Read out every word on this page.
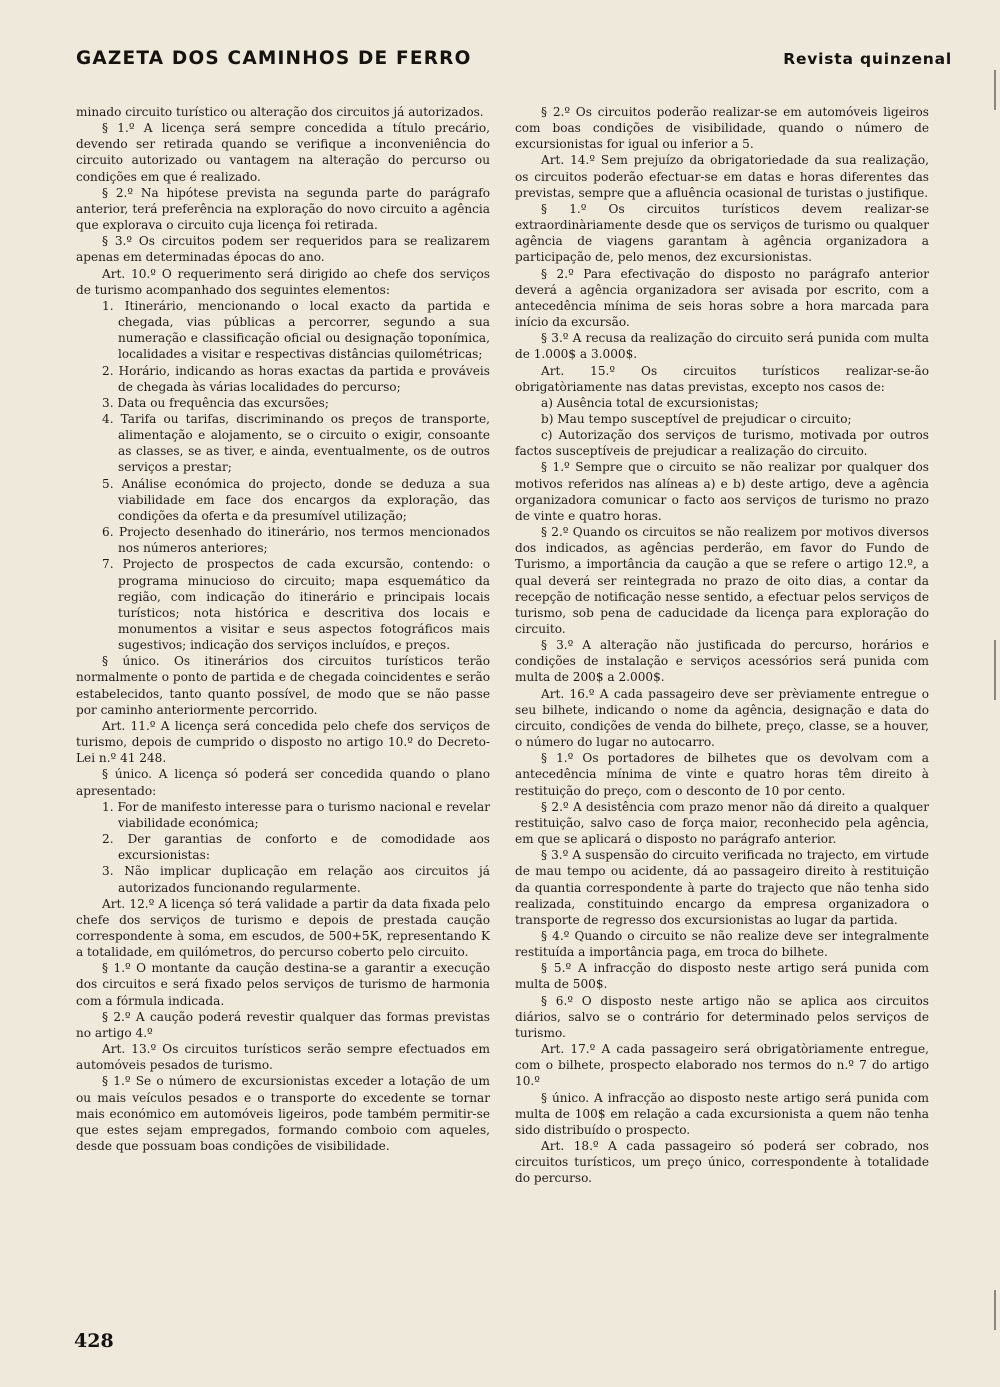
GAZETA DOS CAMINHOS DE FERRO	Revista quinzenal

minado circuito turístico ou alteração dos circuitos já autorizados.

§ 1.º A licença será sempre concedida a título precário, devendo ser retirada quando se verifique a inconveniência do circuito autorizado ou vantagem na alteração do percurso ou condições em que é realizado.

§ 2.º Na hipótese prevista na segunda parte do parágrafo anterior, terá preferência na exploração do novo circuito a agência que explorava o circuito cuja licença foi retirada.

§ 3.º Os circuitos podem ser requeridos para se realizarem apenas em determinadas épocas do ano.

Art. 10.º O requerimento será dirigido ao chefe dos serviços de turismo acompanhado dos seguintes elementos:

1. Itinerário, mencionando o local exacto da partida e chegada, vias públicas a percorrer, segundo a sua numeração e classificação oficial ou designação toponímica, localidades a visitar e respectivas distâncias quilométricas;

2. Horário, indicando as horas exactas da partida e prováveis de chegada às várias localidades do percurso;

3. Data ou frequência das excursões;

4. Tarifa ou tarifas, discriminando os preços de transporte, alimentação e alojamento, se o circuito o exigir, consoante as classes, se as tiver, e ainda, eventualmente, os de outros serviços a prestar;

5. Análise económica do projecto, donde se deduza a sua viabilidade em face dos encargos da exploração, das condições da oferta e da presumível utilização;

6. Projecto desenhado do itinerário, nos termos mencionados nos números anteriores;

7. Projecto de prospectos de cada excursão, contendo: o programa minucioso do circuito; mapa esquemático da região, com indicação do itinerário e principais locais turísticos; nota histórica e descritiva dos locais e monumentos a visitar e seus aspectos fotográficos mais sugestivos; indicação dos serviços incluídos, e preços.

§ único. Os itinerários dos circuitos turísticos terão normalmente o ponto de partida e de chegada coincidentes e serão estabelecidos, tanto quanto possível, de modo que se não passe por caminho anteriormente percorrido.

Art. 11.º A licença será concedida pelo chefe dos serviços de turismo, depois de cumprido o disposto no artigo 10.º do Decreto-Lei n.º 41 248.

§ único. A licença só poderá ser concedida quando o plano apresentado:

1. For de manifesto interesse para o turismo nacional e revelar viabilidade económica;

2. Der garantias de conforto e de comodidade aos excursionistas:

3. Não implicar duplicação em relação aos circuitos já autorizados funcionando regularmente.

Art. 12.º A licença só terá validade a partir da data fixada pelo chefe dos serviços de turismo e depois de prestada caução correspondente à soma, em escudos, de 500+5K, representando K a totalidade, em quilómetros, do percurso coberto pelo circuito.

§ 1.º O montante da caução destina-se a garantir a execução dos circuitos e será fixado pelos serviços de turismo de harmonia com a fórmula indicada.

§ 2.º A caução poderá revestir qualquer das formas previstas no artigo 4.º

Art. 13.º Os circuitos turísticos serão sempre efectuados em automóveis pesados de turismo.

§ 1.º Se o número de excursionistas exceder a lotação de um ou mais veículos pesados e o transporte do excedente se tornar mais económico em automóveis ligeiros, pode também permitir-se que estes sejam empregados, formando comboio com aqueles, desde que possuam boas condições de visibilidade.

§ 2.º Os circuitos poderão realizar-se em automóveis ligeiros com boas condições de visibilidade, quando o número de excursionistas for igual ou inferior a 5.

Art. 14.º Sem prejuízo da obrigatoriedade da sua realização, os circuitos poderão efectuar-se em datas e horas diferentes das previstas, sempre que a afluência ocasional de turistas o justifique.

§ 1.º Os circuitos turísticos devem realizar-se extraordinàriamente desde que os serviços de turismo ou qualquer agência de viagens garantam à agência organizadora a participação de, pelo menos, dez excursionistas.

§ 2.º Para efectivação do disposto no parágrafo anterior deverá a agência organizadora ser avisada por escrito, com a antecedência mínima de seis horas sobre a hora marcada para início da excursão.

§ 3.º A recusa da realização do circuito será punida com multa de 1.000$ a 3.000$.

Art. 15.º Os circuitos turísticos realizar-se-ão obrigatòriamente nas datas previstas, excepto nos casos de:

a) Ausência total de excursionistas;

b) Mau tempo susceptível de prejudicar o circuito;

c) Autorização dos serviços de turismo, motivada por outros factos susceptíveis de prejudicar a realização do circuito.

§ 1.º Sempre que o circuito se não realizar por qualquer dos motivos referidos nas alíneas a) e b) deste artigo, deve a agência organizadora comunicar o facto aos serviços de turismo no prazo de vinte e quatro horas.

§ 2.º Quando os circuitos se não realizem por motivos diversos dos indicados, as agências perderão, em favor do Fundo de Turismo, a importância da caução a que se refere o artigo 12.º, a qual deverá ser reintegrada no prazo de oito dias, a contar da recepção de notificação nesse sentido, a efectuar pelos serviços de turismo, sob pena de caducidade da licença para exploração do circuito.

§ 3.º A alteração não justificada do percurso, horários e condições de instalação e serviços acessórios será punida com multa de 200$ a 2.000$.

Art. 16.º A cada passageiro deve ser prèviamente entregue o seu bilhete, indicando o nome da agência, designação e data do circuito, condições de venda do bilhete, preço, classe, se a houver, o número do lugar no autocarro.

§ 1.º Os portadores de bilhetes que os devolvam com a antecedência mínima de vinte e quatro horas têm direito à restituição do preço, com o desconto de 10 por cento.

§ 2.º A desistência com prazo menor não dá direito a qualquer restituição, salvo caso de força maior, reconhecido pela agência, em que se aplicará o disposto no parágrafo anterior.

§ 3.º A suspensão do circuito verificada no trajecto, em virtude de mau tempo ou acidente, dá ao passageiro direito à restituição da quantia correspondente à parte do trajecto que não tenha sido realizada, constituindo encargo da empresa organizadora o transporte de regresso dos excursionistas ao lugar da partida.

§ 4.º Quando o circuito se não realize deve ser integralmente restituída a importância paga, em troca do bilhete.

§ 5.º A infracção do disposto neste artigo será punida com multa de 500$.

§ 6.º O disposto neste artigo não se aplica aos circuitos diários, salvo se o contrário for determinado pelos serviços de turismo.

Art. 17.º A cada passageiro será obrigatòriamente entregue, com o bilhete, prospecto elaborado nos termos do n.º 7 do artigo 10.º

§ único. A infracção ao disposto neste artigo será punida com multa de 100$ em relação a cada excursionista a quem não tenha sido distribuído o prospecto.

Art. 18.º A cada passageiro só poderá ser cobrado, nos circuitos turísticos, um preço único, correspondente à totalidade do percurso.

428
